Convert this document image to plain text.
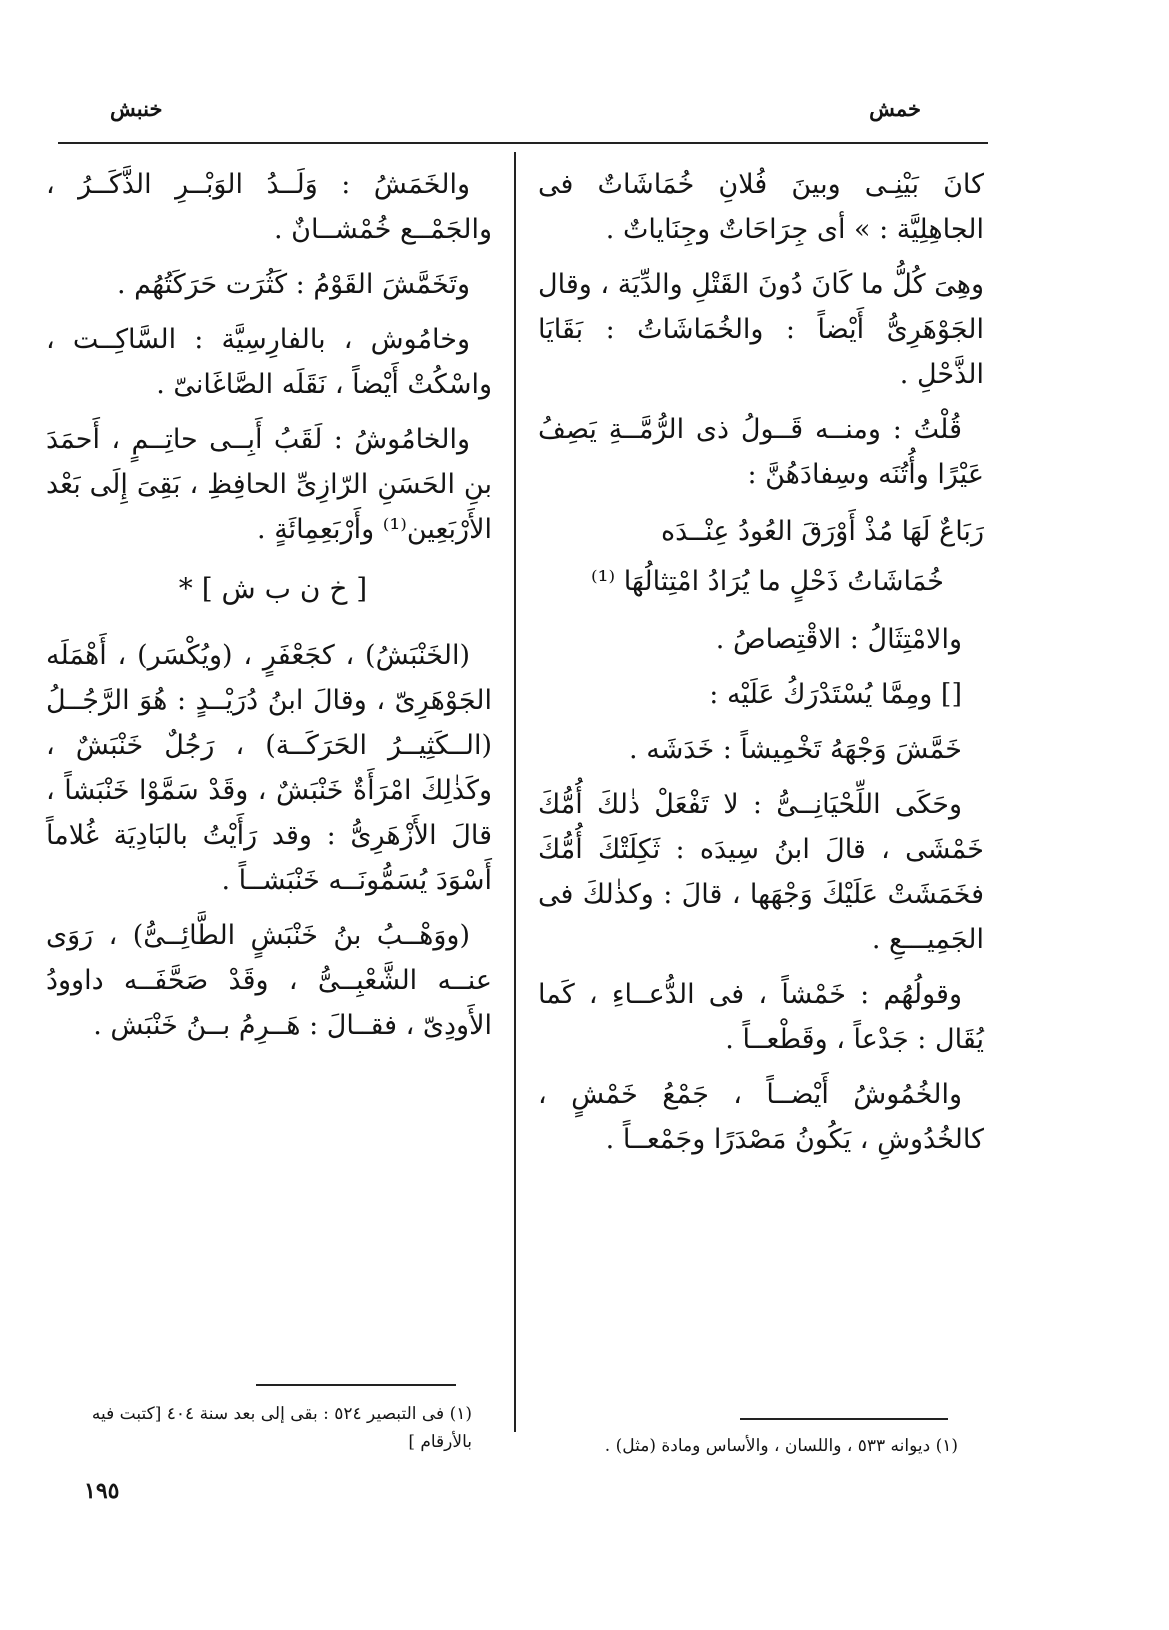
خمش
خنبش

كانَ بَيْنِـى وبينَ فُلانِ خُمَاشَاتٌ فى الجاهِلِيَّة : » أى جِرَاحَاتٌ وجِنَاياتٌ .

وهِىَ كُلُّ ما كَانَ دُونَ القَتْلِ والدِّيَة ، وقال الجَوْهَرِىُّ أَيْضاً : والخُمَاشَاتُ : بَقَايَا الذَّحْلِ .

قُلْتُ : ومنــه قَــولُ ذى الرُّمَّــةِ يَصِفُ عَيْرًا وأُتُنَه وسِفادَهُنَّ :

رَبَاعٌ لَهَا مُذْ أَوْرَقَ العُودُ عِنْــدَه
خُمَاشَاتُ ذَحْلٍ ما يُرَادُ امْتِثالُهَا ⁽¹⁾

والامْتِثَالُ : الاقْتِصاصُ .

[] ومِمَّا يُسْتَدْرَكُ عَلَيْه :

خَمَّشَ وَجْهَهُ تَخْمِيشاً : خَدَشَه .

وحَكَى اللِّحْيَانِــىُّ : لا تَفْعَلْ ذٰلكَ أُمُّكَ خَمْشَى ، قالَ ابنُ سِيدَه : ثَكِلَتْكَ أُمُّكَ فخَمَشَتْ عَلَيْكَ وَجْهَها ، قالَ : وكذٰلكَ فى الجَمِيـــعِ .

وقولُهُم : خَمْشاً ، فى الدُّعــاءِ ، كَما يُقَال : جَدْعاً ، وقَطْعــاً .

والخُمُوشُ أَيْضــاً ، جَمْعُ خَمْشٍ ، كالخُدُوشِ ، يَكُونُ مَصْدَرًا وجَمْعــاً .

والخَمَشُ : وَلَــدُ الوَبْــرِ الذَّكَــرُ ، والجَمْــع خُمْشــانٌ .

وتَخَمَّشَ القَوْمُ : كَثُرَت حَرَكَتُهُم .

وخامُوش ، بالفارِسِيَّة : السَّاكِــت ، واسْكُتْ أَيْضاً ، نَقَلَه الصَّاغَانىّ .

والخامُوشُ : لَقَبُ أَبِــى حاتِــمٍ ، أَحمَدَ بنِ الحَسَنِ الرّازِىِّ الحافِظِ ، بَقِىَ إِلَى بَعْد الأَرْبَعِين⁽¹⁾ وأَرْبَعِمِائَةٍ .

[ خ ن ب ش ] *

(الخَنْبَشُ) ، كجَعْفَرٍ ، (ويُكْسَر) ، أَهْمَلَه الجَوْهَرِىّ ، وقالَ ابنُ دُرَيْــدٍ : هُوَ الرَّجُــلُ (الــكَثِيــرُ الحَرَكَــة) ، رَجُلٌ خَنْبَشٌ ، وكَذٰلِكَ امْرَأَةٌ خَنْبَشٌ ، وقَدْ سَمَّوْا خَنْبَشاً ، قالَ الأَزْهَرِىُّ : وقد رَأَيْتُ بالبَادِيَة غُلاماً أَسْوَدَ يُسَمُّونَــه خَنْبَشــاً .

(ووَهْــبُ بنُ خَنْبَشٍ الطَّائِــىُّ) ، رَوَى عنــه الشَّعْبِــىُّ ، وقَدْ صَحَّفَــه داوودُ الأَودِىّ ، فقــالَ : هَــرِمُ بــنُ خَنْبَش .

(١) ديوانه ٥٣٣ ، واللسان ، والأساس ومادة (مثل) .
(١) فى التبصير ٥٢٤ : بقى إلى بعد سنة ٤٠٤ [كتبت فيه بالأرقام ]
١٩٥
